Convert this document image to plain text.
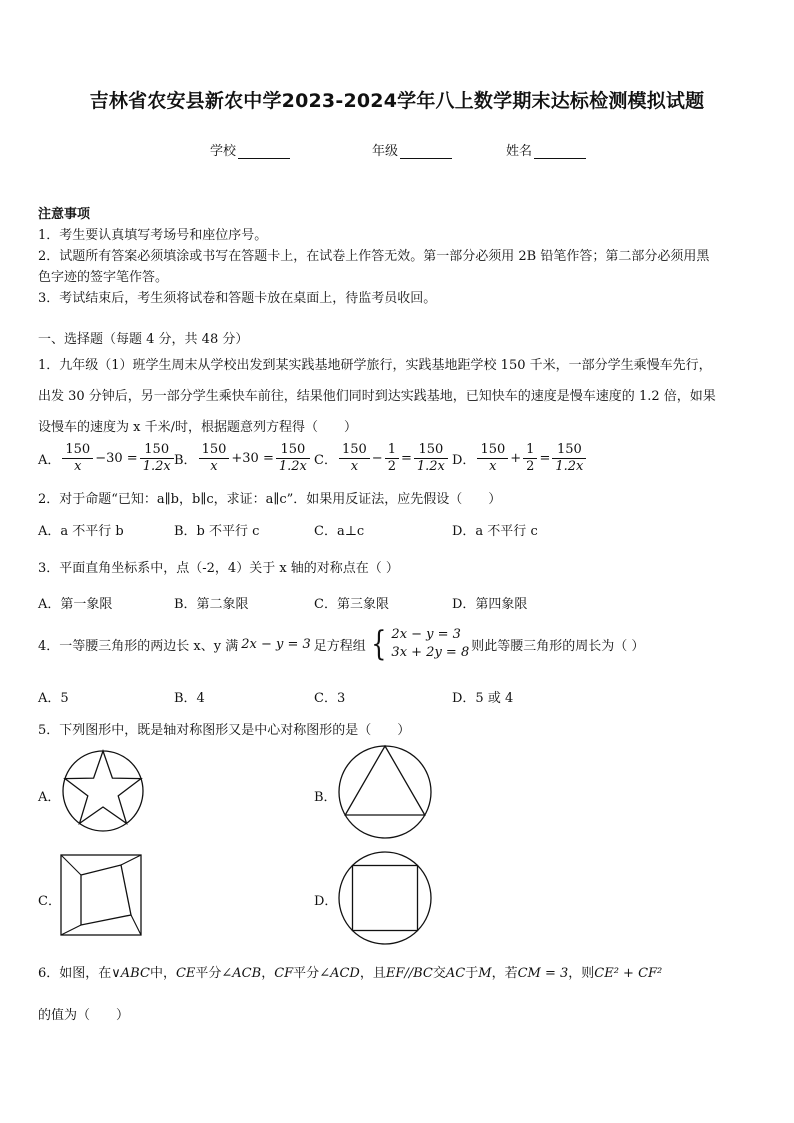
吉林省农安县新农中学2023-2024学年八上数学期末达标检测模拟试题
学校	年级	姓名
注意事项
1．考生要认真填写考场号和座位序号。
2．试题所有答案必须填涂或书写在答题卡上，在试卷上作答无效。第一部分必须用 2B 铅笔作答；第二部分必须用黑
色字迹的签字笔作答。
3．考试结束后，考生须将试卷和答题卡放在桌面上，待监考员收回。
一、选择题（每题 4 分，共 48 分）
1．九年级（1）班学生周末从学校出发到某实践基地研学旅行，实践基地距学校 150 千米，一部分学生乘慢车先行，
出发 30 分钟后，另一部分学生乘快车前往，结果他们同时到达实践基地，已知快车的速度是慢车速度的 1.2 倍，如果
设慢车的速度为 x 千米/时，根据题意列方程得（　　）
A． $\frac{150}{x} -30 = \frac{150}{1.2x}$ B． $\frac{150}{x} +30 = \frac{150}{1.2x}$ C． $\frac{150}{x} - \frac{1}{2} = \frac{150}{1.2x}$ D． $\frac{150}{x} + \frac{1}{2} = \frac{150}{1.2x}$
2．对于命题“已知：a∥b，b∥c，求证：a∥c”．如果用反证法，应先假设（　　）
A．a 不平行 b	B．b 不平行 c	C．a⊥c	D．a 不平行 c
3．平面直角坐标系中，点（-2，4）关于 x 轴的对称点在（ ）
A．第一象限	B．第二象限	C．第三象限	D．第四象限
4．一等腰三角形的两边长 x、y 满 2x − y = 3 足方程组 { 2x − y = 3
3x + 2y = 8 则此等腰三角形的周长为（ ）
A．5	B．4	C．3	D．5 或 4
5．下列图形中，既是轴对称图形又是中心对称图形的是（　　）
A．	B．
C．	D．
6．如图，在∨ABC中，CE平分∠ACB，CF平分∠ACD，且EF//BC交AC于M，若CM = 3，则CE² + CF²
的值为（　　）
